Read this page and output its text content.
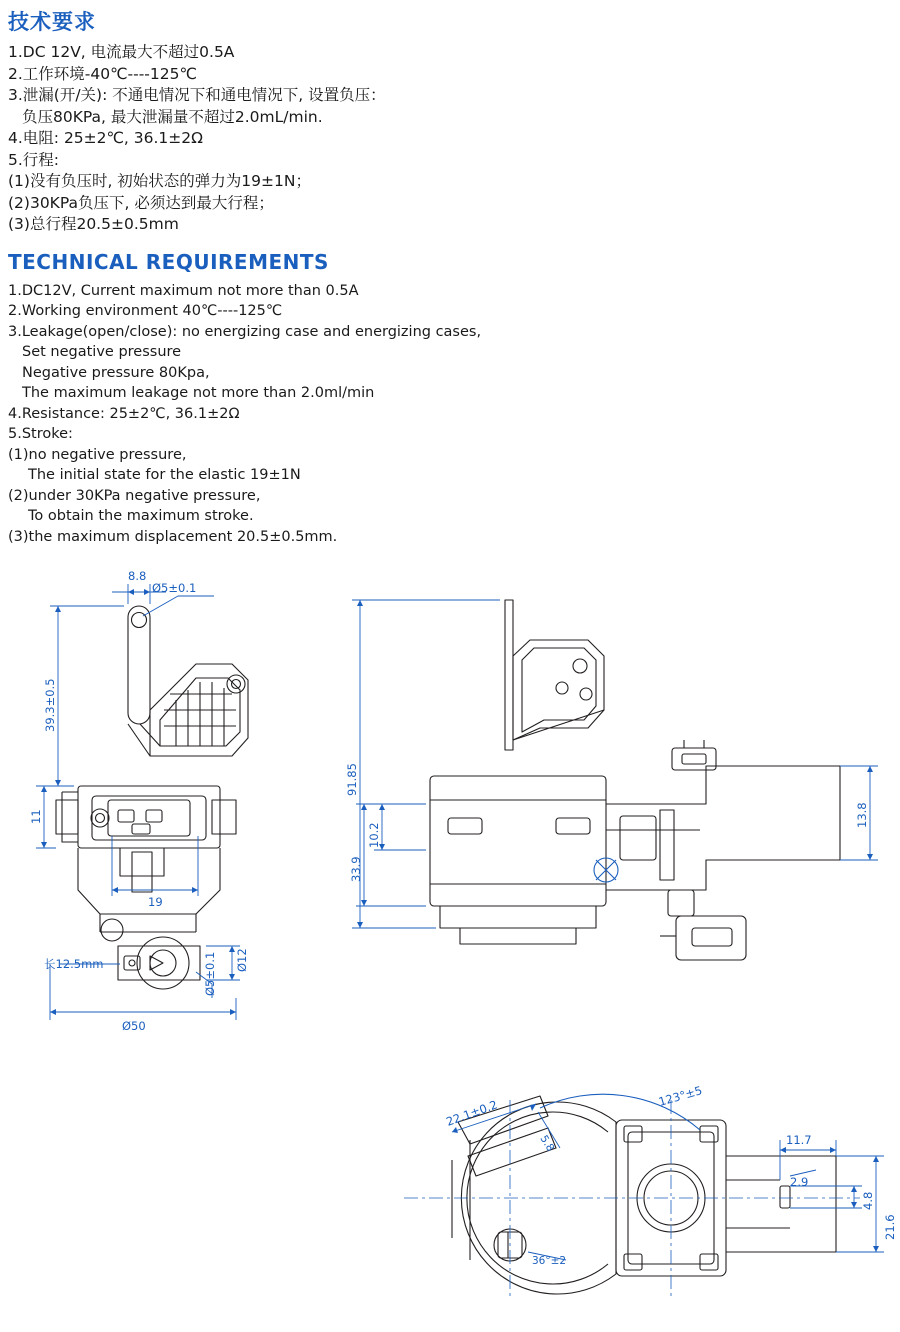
技术要求
1.DC 12V, 电流最大不超过0.5A
2.工作环境-40℃----125℃
3.泄漏(开/关): 不通电情况下和通电情况下, 设置负压：
负压80KPa, 最大泄漏量不超过2.0mL/min.
4.电阻: 25±2℃, 36.1±2Ω
5.行程:
(1)没有负压时, 初始状态的弹力为19±1N；
(2)30KPa负压下, 必须达到最大行程；
(3)总行程20.5±0.5mm
TECHNICAL REQUIREMENTS
1.DC12V, Current maximum not more than 0.5A
2.Working environment 40℃----125℃
3.Leakage(open/close): no energizing case and energizing cases,
Set negative pressure
Negative pressure 80Kpa,
The maximum leakage not more than 2.0ml/min
4.Resistance: 25±2℃, 36.1±2Ω
5.Stroke:
(1)no negative pressure,
The initial state for the elastic 19±1N
(2)under 30KPa negative pressure,
To obtain the maximum stroke.
(3)the maximum displacement 20.5±0.5mm.
8.8
Ø5±0.1
39.3±0.5
11
19
Ø12
Ø5±0.1
长12.5mm
Ø50
91.85
10.2
33.9
13.8
22.1±0.2
5.8
123°±5
11.7
2.9
4.8
21.6
36°±2
